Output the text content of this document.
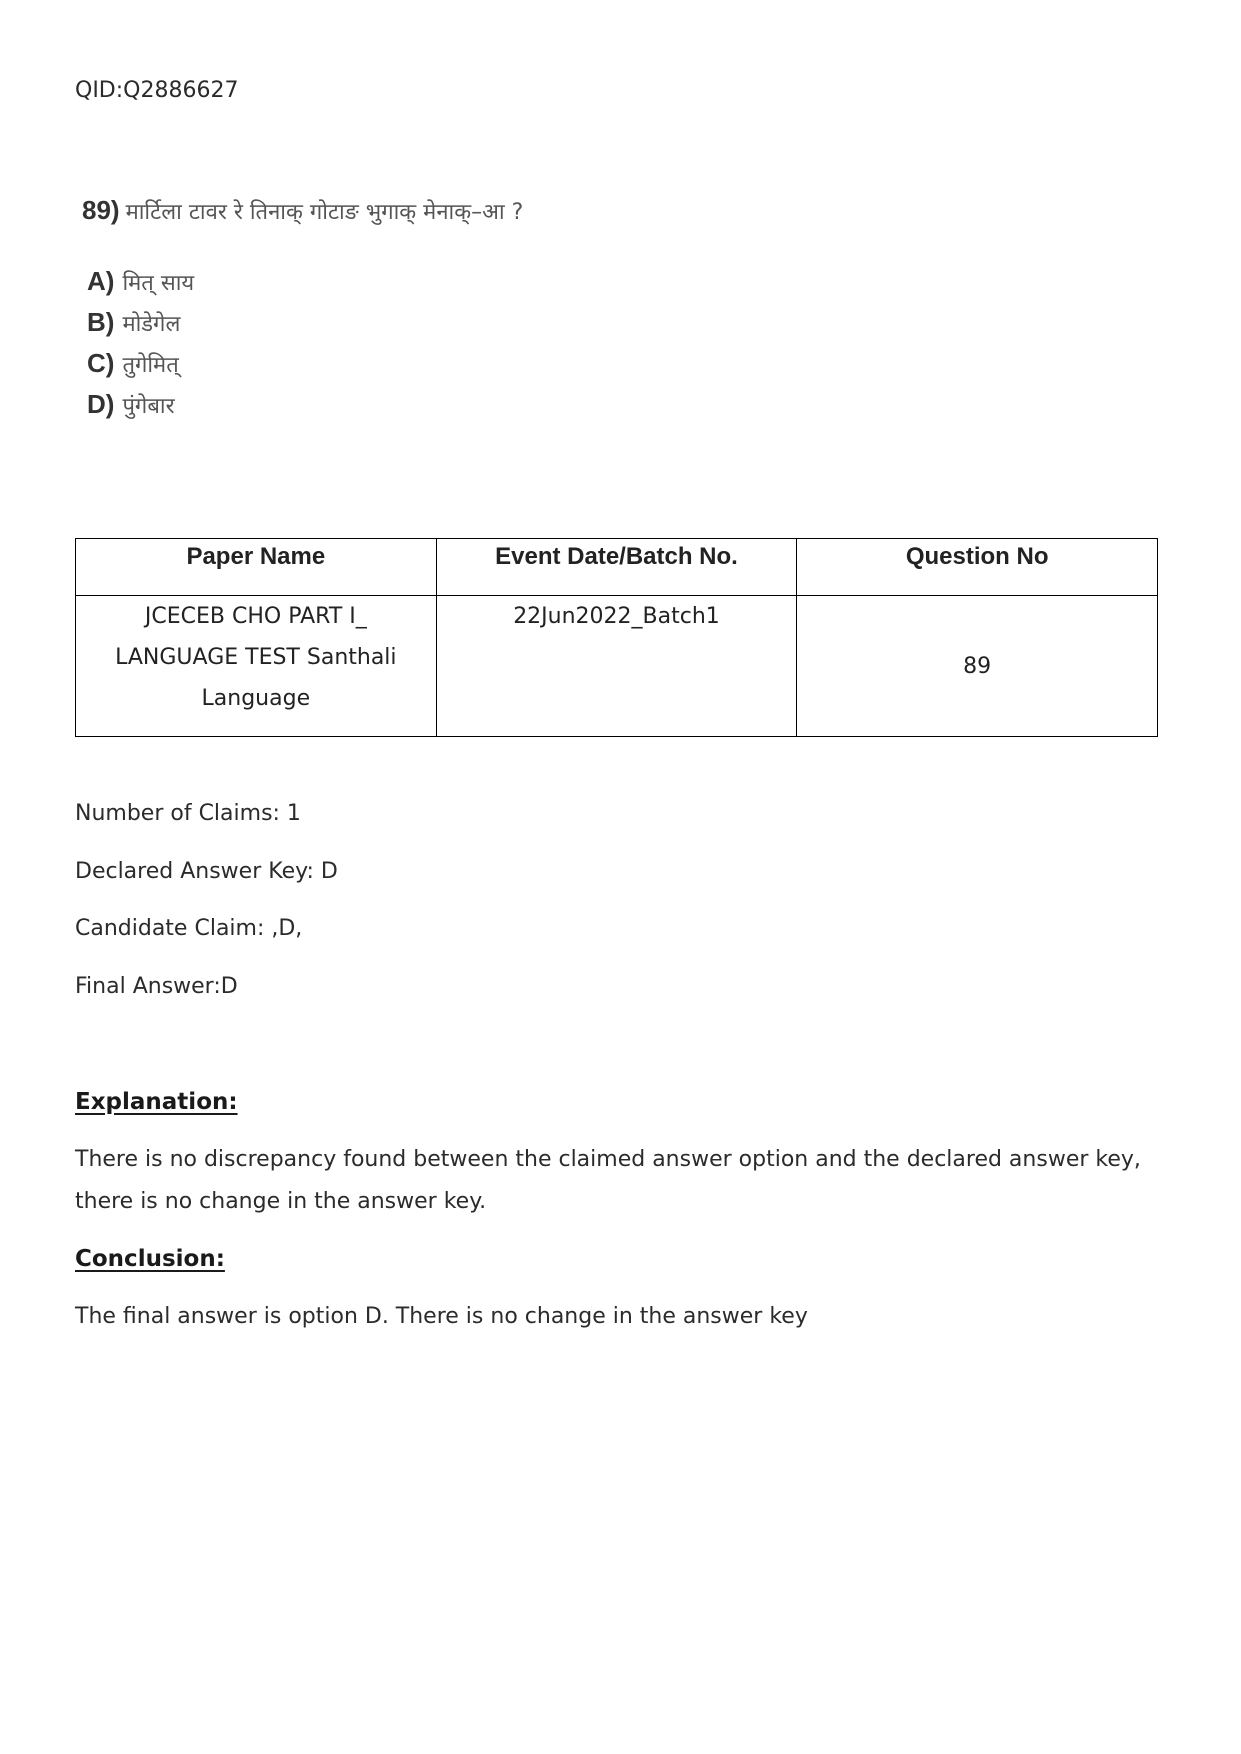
QID:Q2886627
89) मार्टिला टावर रे तिनाक् गोटाङ भुगाक् मेनाक्–आ ?
A) मित् साय
B) मोडेगेल
C) तुगेमित्
D) पुंगेबार
Paper Name	Event Date/Batch No.	Question No
JCECEB CHO PART I_ LANGUAGE TEST Santhali Language	22Jun2022_Batch1	89
Number of Claims: 1
Declared Answer Key: D
Candidate Claim: ,D,
Final Answer:D
Explanation:
There is no discrepancy found between the claimed answer option and the declared answer key, there is no change in the answer key.
Conclusion:
The final answer is option D. There is no change in the answer key
